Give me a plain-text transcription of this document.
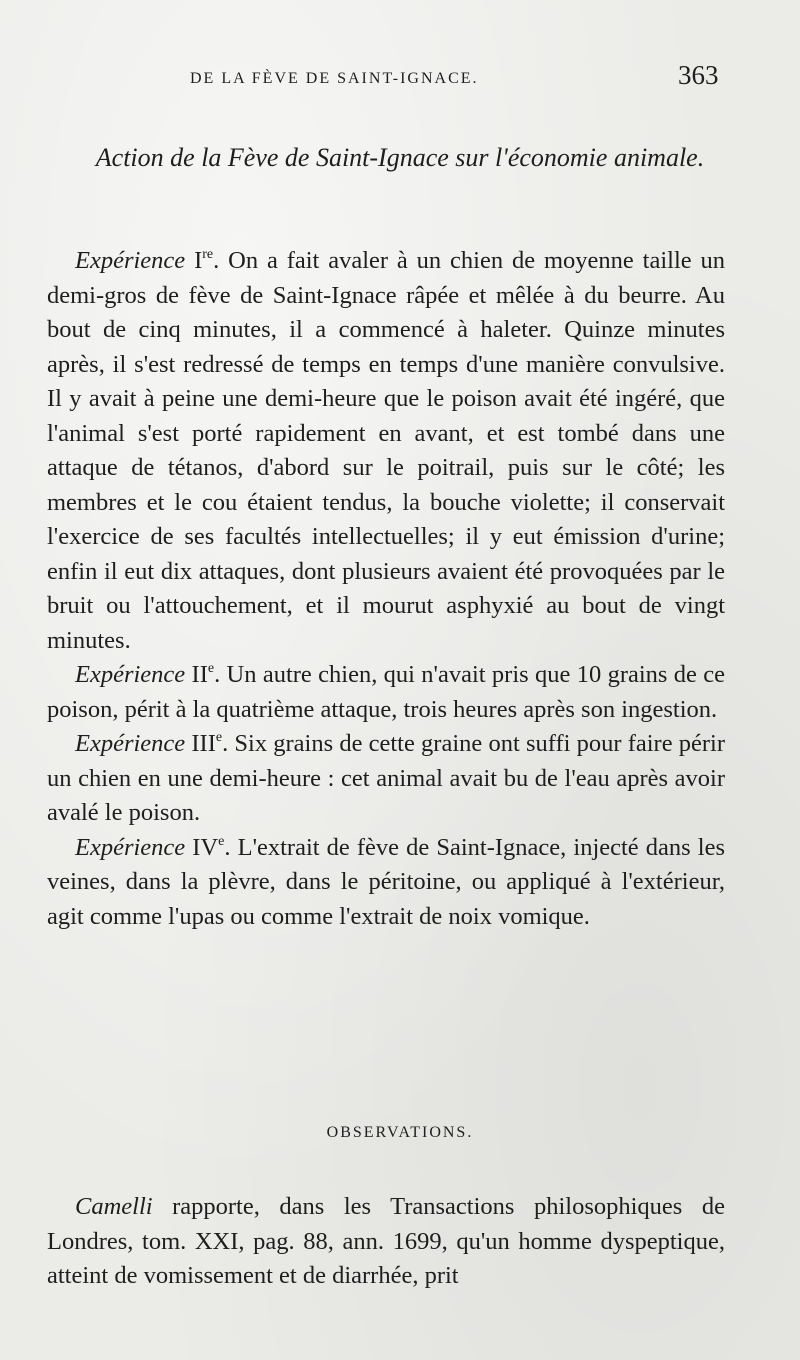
DE LA FÈVE DE SAINT-IGNACE.	363
Action de la Fève de Saint-Ignace sur l'économie animale.

Expérience Ire. On a fait avaler à un chien de moyenne taille un demi-gros de fève de Saint-Ignace râpée et mêlée à du beurre. Au bout de cinq minutes, il a commencé à haleter. Quinze minutes après, il s'est redressé de temps en temps d'une manière convulsive. Il y avait à peine une demi-heure que le poison avait été ingéré, que l'animal s'est porté rapidement en avant, et est tombé dans une attaque de tétanos, d'abord sur le poitrail, puis sur le côté; les membres et le cou étaient tendus, la bouche violette; il conservait l'exercice de ses facultés intellectuelles; il y eut émission d'urine; enfin il eut dix attaques, dont plusieurs avaient été provoquées par le bruit ou l'attouchement, et il mourut asphyxié au bout de vingt minutes.

Expérience IIe. Un autre chien, qui n'avait pris que 10 grains de ce poison, périt à la quatrième attaque, trois heures après son ingestion.

Expérience IIIe. Six grains de cette graine ont suffi pour faire périr un chien en une demi-heure : cet animal avait bu de l'eau après avoir avalé le poison.

Expérience IVe. L'extrait de fève de Saint-Ignace, injecté dans les veines, dans la plèvre, dans le péritoine, ou appliqué à l'extérieur, agit comme l'upas ou comme l'extrait de noix vomique.

OBSERVATIONS.

Camelli rapporte, dans les Transactions philosophiques de Londres, tom. XXI, pag. 88, ann. 1699, qu'un homme dyspeptique, atteint de vomissement et de diarrhée, prit
